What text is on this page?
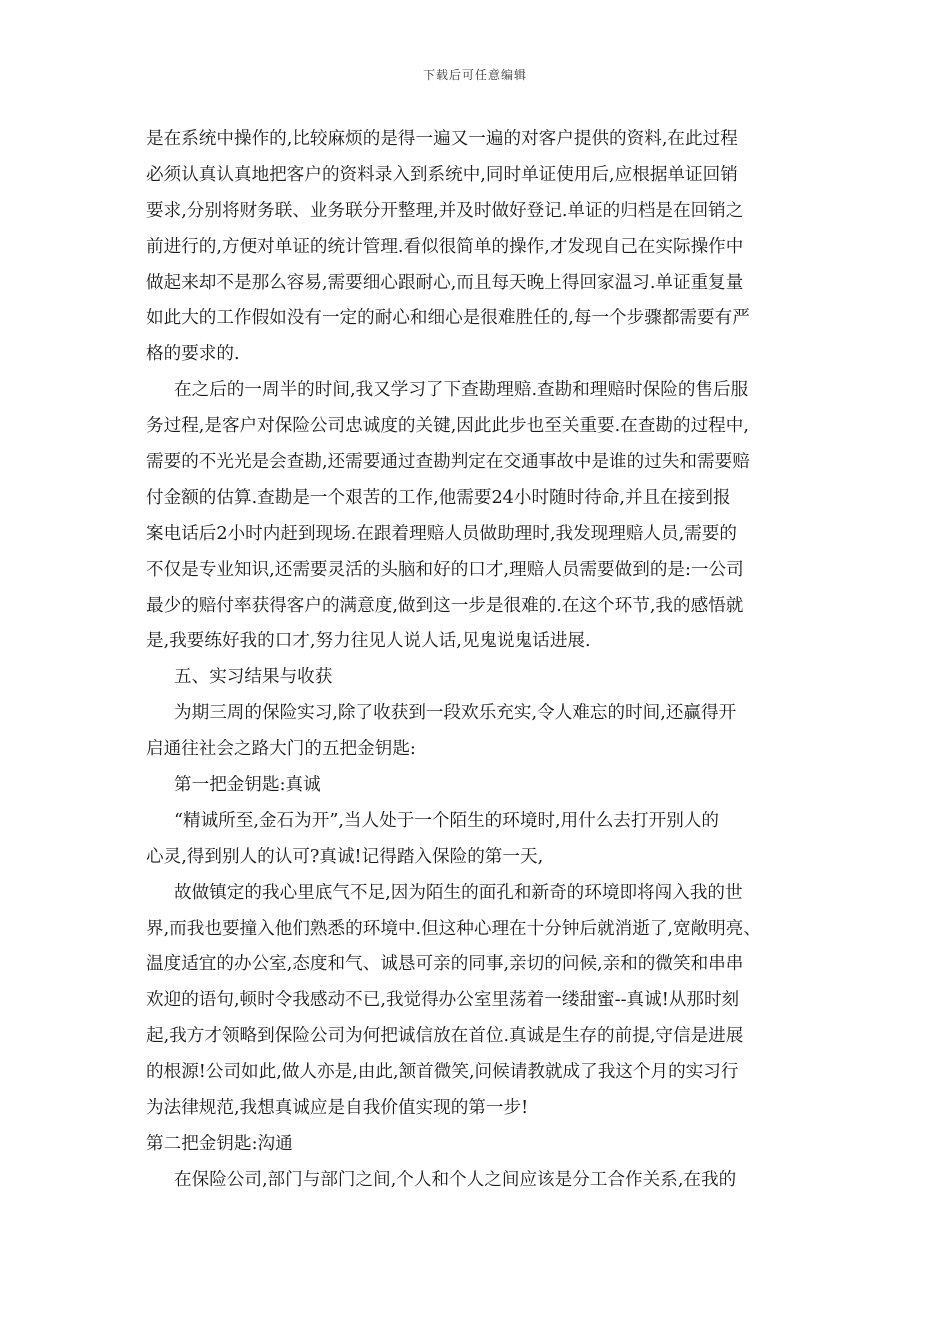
下载后可任意编辑
是在系统中操作的,比较麻烦的是得一遍又一遍的对客户提供的资料,在此过程
必须认真认真地把客户的资料录入到系统中,同时单证使用后,应根据单证回销
要求,分别将财务联、业务联分开整理,并及时做好登记.单证的归档是在回销之
前进行的,方便对单证的统计管理.看似很简单的操作,才发现自己在实际操作中
做起来却不是那么容易,需要细心跟耐心,而且每天晚上得回家温习.单证重复量
如此大的工作假如没有一定的耐心和细心是很难胜任的,每一个步骤都需要有严
格的要求的.
在之后的一周半的时间,我又学习了下查勘理赔.查勘和理赔时保险的售后服
务过程,是客户对保险公司忠诚度的关键,因此此步也至关重要.在查勘的过程中,
需要的不光光是会查勘,还需要通过查勘判定在交通事故中是谁的过失和需要赔
付金额的估算.查勘是一个艰苦的工作,他需要24小时随时待命,并且在接到报
案电话后2小时内赶到现场.在跟着理赔人员做助理时,我发现理赔人员,需要的
不仅是专业知识,还需要灵活的头脑和好的口才,理赔人员需要做到的是:一公司
最少的赔付率获得客户的满意度,做到这一步是很难的.在这个环节,我的感悟就
是,我要练好我的口才,努力往见人说人话,见鬼说鬼话进展.
五、实习结果与收获
为期三周的保险实习,除了收获到一段欢乐充实,令人难忘的时间,还赢得开
启通往社会之路大门的五把金钥匙:
第一把金钥匙:真诚
“精诚所至,金石为开”,当人处于一个陌生的环境时,用什么去打开别人的
心灵,得到别人的认可?真诚!记得踏入保险的第一天,
故做镇定的我心里底气不足,因为陌生的面孔和新奇的环境即将闯入我的世
界,而我也要撞入他们熟悉的环境中.但这种心理在十分钟后就消逝了,宽敞明亮、
温度适宜的办公室,态度和气、诚恳可亲的同事,亲切的问候,亲和的微笑和串串
欢迎的语句,顿时令我感动不已,我觉得办公室里荡着一缕甜蜜--真诚!从那时刻
起,我方才领略到保险公司为何把诚信放在首位.真诚是生存的前提,守信是进展
的根源!公司如此,做人亦是,由此,颔首微笑,问候请教就成了我这个月的实习行
为法律规范,我想真诚应是自我价值实现的第一步!
第二把金钥匙:沟通
在保险公司,部门与部门之间,个人和个人之间应该是分工合作关系,在我的
